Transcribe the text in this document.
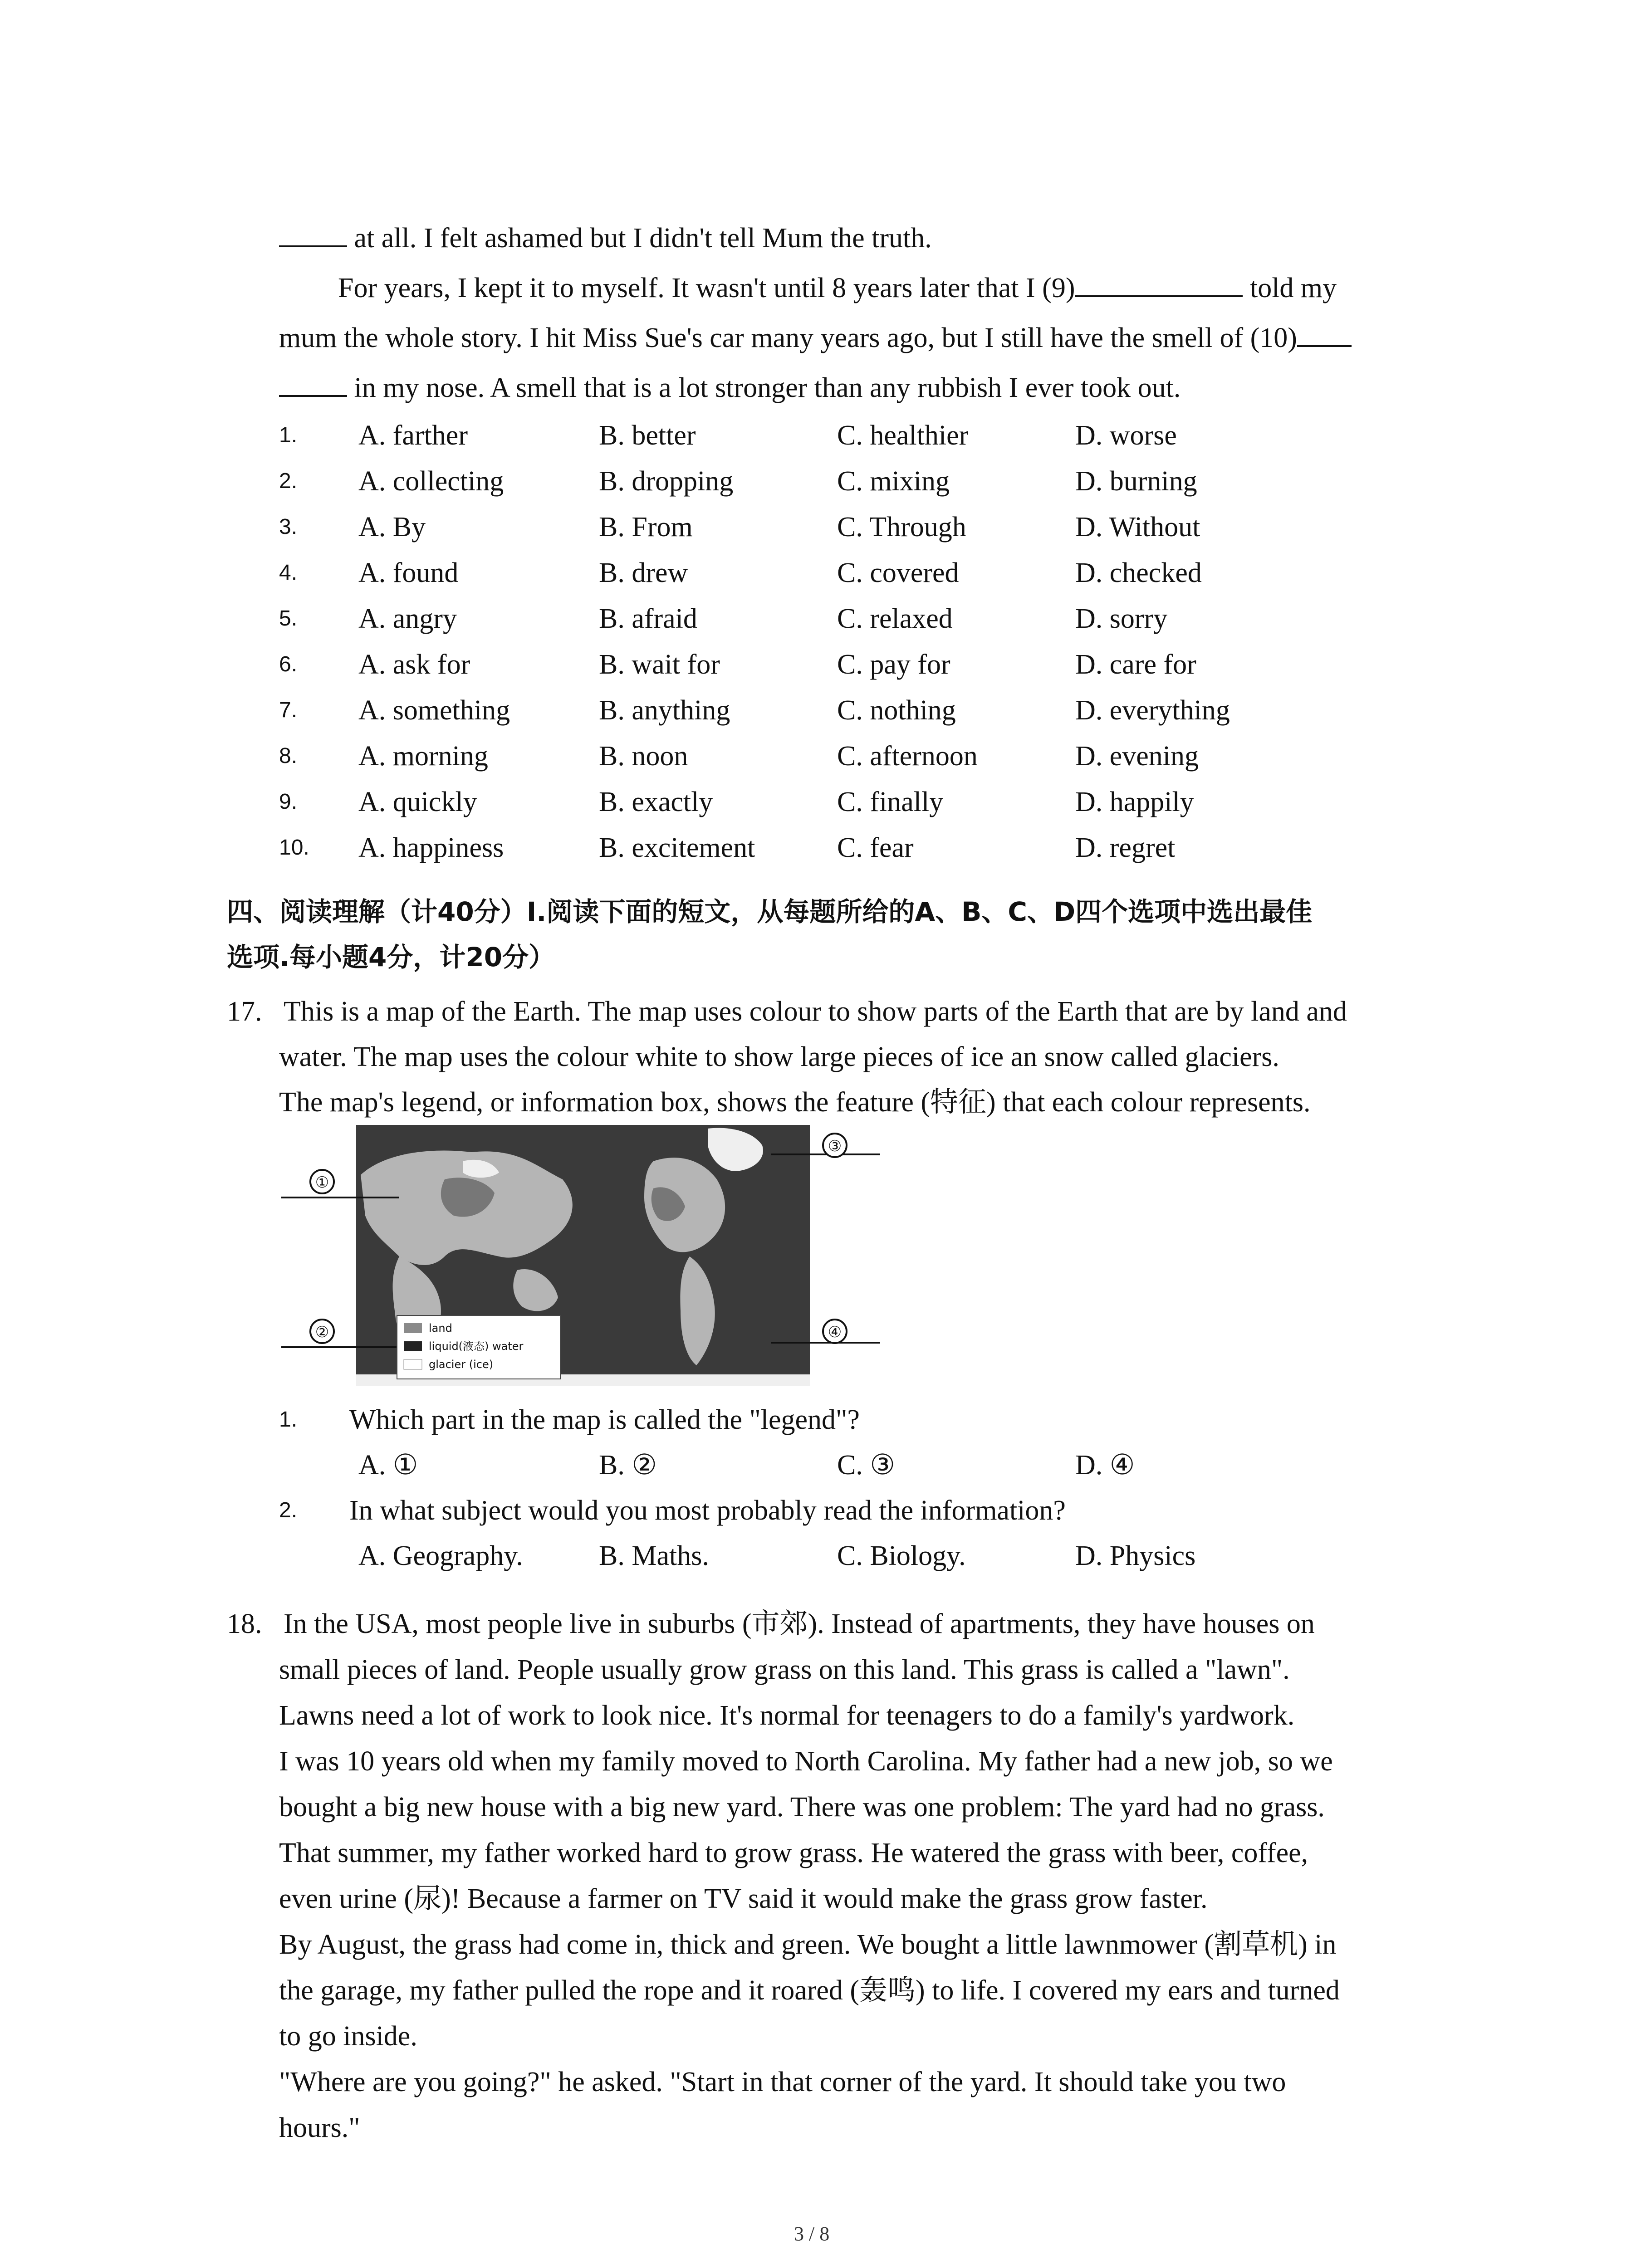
at all. I felt ashamed but I didn't tell Mum the truth.
For years, I kept it to myself. It wasn't until 8 years later that I (9)	told my
mum the whole story. I hit Miss Sue's car many years ago, but I still have the smell of (10)
in my nose. A smell that is a lot stronger than any rubbish I ever took out.
1. A. farther	B. better	C. healthier	D. worse
2. A. collecting	B. dropping	C. mixing	D. burning
3. A. By	B. From	C. Through	D. Without
4. A. found	B. drew	C. covered	D. checked
5. A. angry	B. afraid	C. relaxed	D. sorry
6. A. ask for	B. wait for	C. pay for	D. care for
7. A. something	B. anything	C. nothing	D. everything
8. A. morning	B. noon	C. afternoon	D. evening
9. A. quickly	B. exactly	C. finally	D. happily
10. A. happiness	B. excitement	C. fear	D. regret
四、阅读理解（计40分）I.阅读下面的短文，从每题所给的A、B、C、D四个选项中选出最佳
选项.每小题4分，计20分）
17. This is a map of the Earth. The map uses colour to show parts of the Earth that are by land and
water. The map uses the colour white to show large pieces of ice an snow called glaciers.
The map's legend, or information box, shows the feature (特征) that each colour represents.
①
②
③
④
land
liquid(液态) water
glacier (ice)
1. Which part in the map is called the "legend"?
A. ①	B. ②	C. ③	D. ④
2. In what subject would you most probably read the information?
A. Geography.	B. Maths.	C. Biology.	D. Physics
18. In the USA, most people live in suburbs (市郊). Instead of apartments, they have houses on
small pieces of land. People usually grow grass on this land. This grass is called a "lawn".
Lawns need a lot of work to look nice. It's normal for teenagers to do a family's yardwork.
I was 10 years old when my family moved to North Carolina. My father had a new job, so we
bought a big new house with a big new yard. There was one problem: The yard had no grass.
That summer, my father worked hard to grow grass. He watered the grass with beer, coffee,
even urine (尿)! Because a farmer on TV said it would make the grass grow faster.
By August, the grass had come in, thick and green. We bought a little lawnmower (割草机) in
the garage, my father pulled the rope and it roared (轰鸣) to life. I covered my ears and turned
to go inside.
"Where are you going?" he asked. "Start in that corner of the yard. It should take you two
hours."
3 / 8
